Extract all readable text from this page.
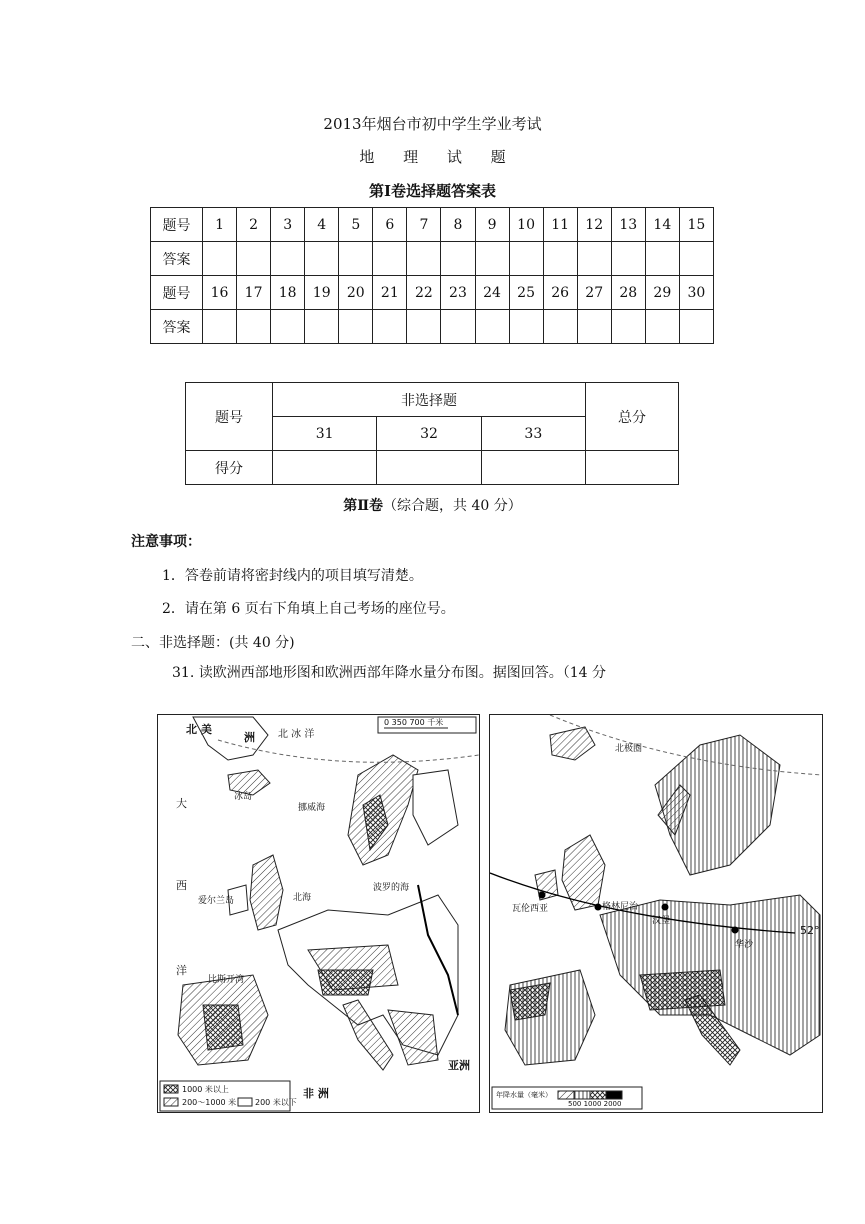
2013年烟台市初中学生学业考试
地 理 试 题
第Ⅰ卷选择题答案表
题号	1	2	3	4	5	6	7	8	9	10	11	12	13	14	15
答案															
题号	16	17	18	19	20	21	22	23	24	25	26	27	28	29	30
答案															
题号	非选择题			总分
	31	32	33	
得分				
第Ⅱ卷（综合题，共 40 分）
注意事项：
1．答卷前请将密封线内的项目填写清楚。
2．请在第 6 页右下角填上自己考场的座位号。
二、非选择题：(共 40 分)
31. 读欧洲西部地形图和欧洲西部年降水量分布图。据图回答。（14 分
北 美
洲 北 冰 洋
大
西
洋
冰岛
爱尔兰岛
挪威海
北海
波罗的海
比斯开湾
非 洲
亚洲
0 350 700 千米
1000 米以上
200～1000 米 200 米以下
北极圈
瓦伦西亚	格林尼治
汉堡
华沙
52°
年降水量（毫米）
500 1000 2000
